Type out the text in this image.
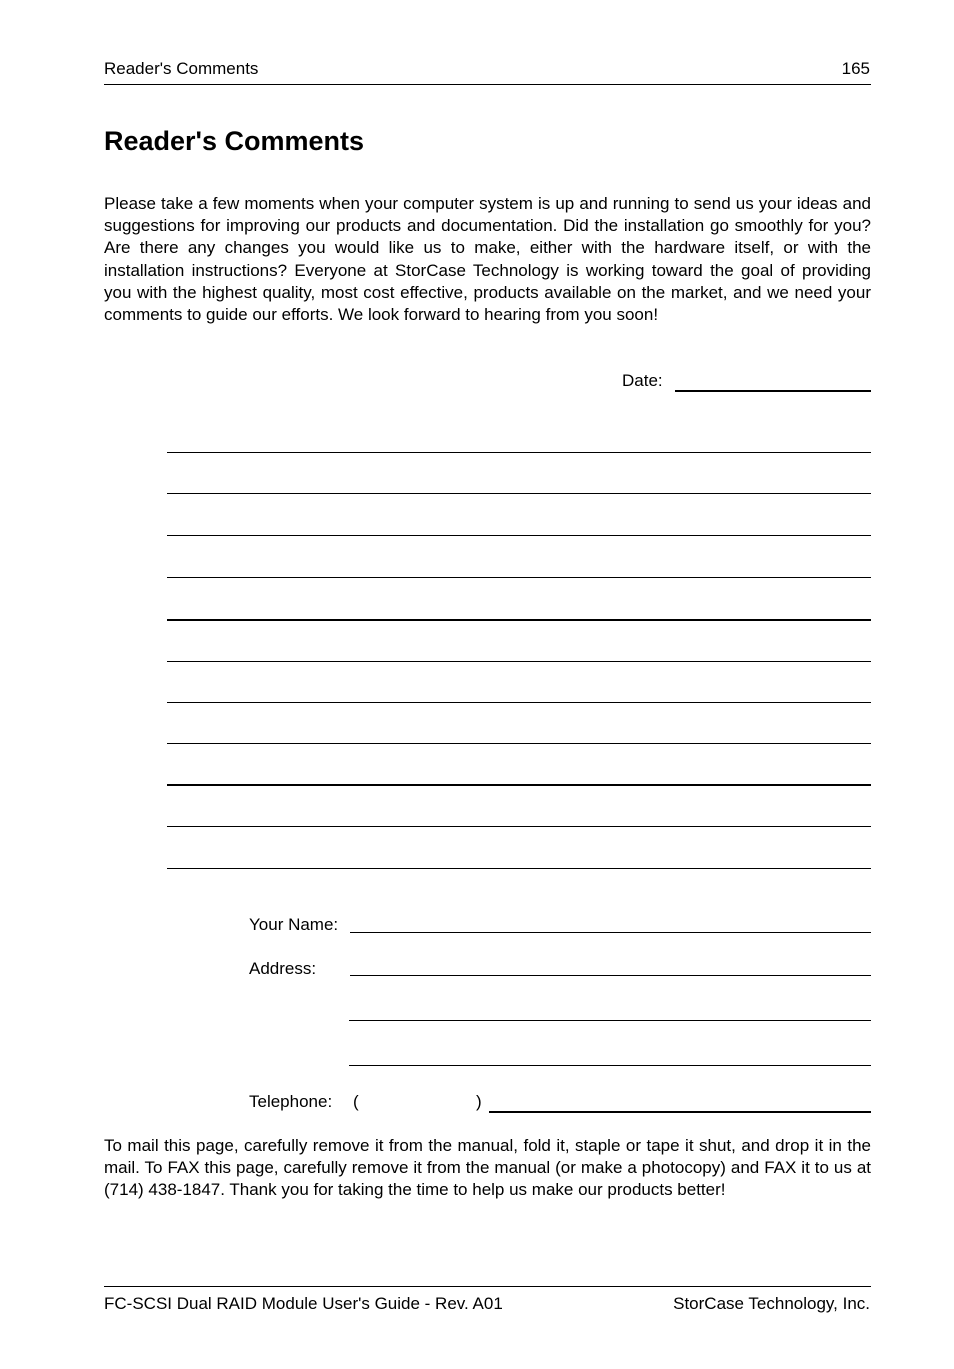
Reader's Comments	165
Reader's Comments

Please take a few moments when your computer system is up and running to send us your ideas and suggestions for improving our products and documentation. Did the installation go smoothly for you? Are there any changes you would like us to make, either with the hardware itself, or with the installation instructions? Everyone at StorCase Technology is working toward the goal of providing you with the highest quality, most cost effective, products available on the market, and we need your comments to guide our efforts. We look forward to hearing from you soon!

Date:
Your Name:
Address:
Telephone: (	)

To mail this page, carefully remove it from the manual, fold it, staple or tape it shut, and drop it in the mail. To FAX this page, carefully remove it from the manual (or make a photocopy) and FAX it to us at (714) 438-1847. Thank you for taking the time to help us make our products better!

FC-SCSI Dual RAID Module User's Guide - Rev. A01	StorCase Technology, Inc.
